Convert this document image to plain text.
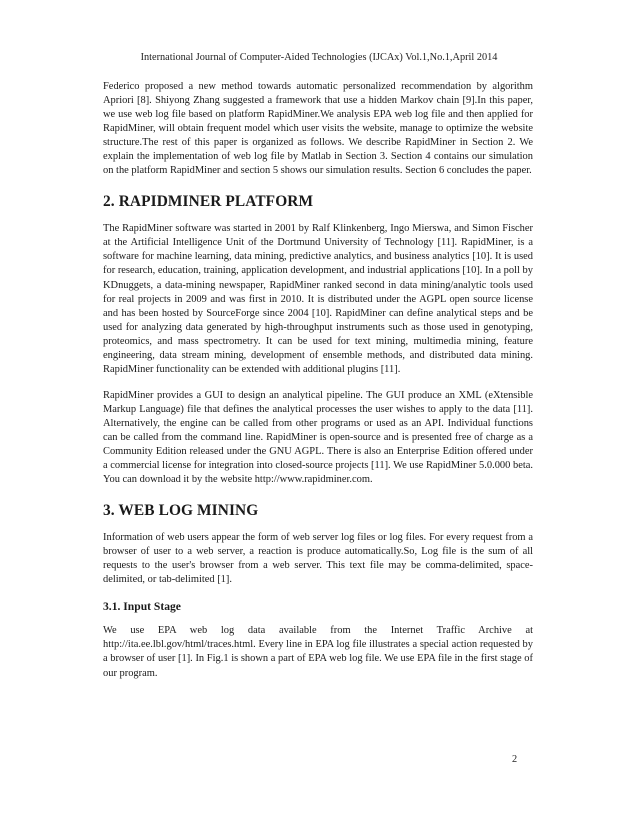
International Journal of Computer-Aided Technologies (IJCAx) Vol.1,No.1,April 2014

Federico proposed a new method towards automatic personalized recommendation by algorithm Apriori [8]. Shiyong Zhang suggested a framework that use a hidden Markov chain [9].In this paper, we use web log file based on platform RapidMiner.We analysis EPA web log file and then applied for RapidMiner, will obtain frequent model which user visits the website, manage to optimize the website structure.The rest of this paper is organized as follows. We describe RapidMiner in Section 2. We explain the implementation of web log file by Matlab in Section 3. Section 4 contains our simulation on the platform RapidMiner and section 5 shows our simulation results. Section 6 concludes the paper.

2. RAPIDMINER PLATFORM

The RapidMiner software was started in 2001 by Ralf Klinkenberg, Ingo Mierswa, and Simon Fischer at the Artificial Intelligence Unit of the Dortmund University of Technology [11]. RapidMiner, is a software for machine learning, data mining, predictive analytics, and business analytics [10]. It is used for research, education, training, application development, and industrial applications [10]. In a poll by KDnuggets, a data-mining newspaper, RapidMiner ranked second in data mining/analytic tools used for real projects in 2009 and was first in 2010. It is distributed under the AGPL open source license and has been hosted by SourceForge since 2004 [10]. RapidMiner can define analytical steps and be used for analyzing data generated by high-throughput instruments such as those used in genotyping, proteomics, and mass spectrometry. It can be used for text mining, multimedia mining, feature engineering, data stream mining, development of ensemble methods, and distributed data mining. RapidMiner functionality can be extended with additional plugins [11].

RapidMiner provides a GUI to design an analytical pipeline. The GUI produce an XML (eXtensible Markup Language) file that defines the analytical processes the user wishes to apply to the data [11]. Alternatively, the engine can be called from other programs or used as an API. Individual functions can be called from the command line. RapidMiner is open-source and is presented free of charge as a Community Edition released under the GNU AGPL. There is also an Enterprise Edition offered under a commercial license for integration into closed-source projects [11]. We use RapidMiner 5.0.000 beta. You can download it by the website http://www.rapidminer.com.

3. WEB LOG MINING

Information of web users appear the form of web server log files or log files. For every request from a browser of user to a web server, a reaction is produce automatically.So, Log file is the sum of all requests to the user's browser from a web server. This text file may be comma-delimited, space-delimited, or tab-delimited [1].

3.1. Input Stage

We use EPA web log data available from the Internet Traffic Archive at http://ita.ee.lbl.gov/html/traces.html. Every line in EPA log file illustrates a special action requested by a browser of user [1]. In Fig.1 is shown a part of EPA web log file. We use EPA file in the first stage of our program.

2
